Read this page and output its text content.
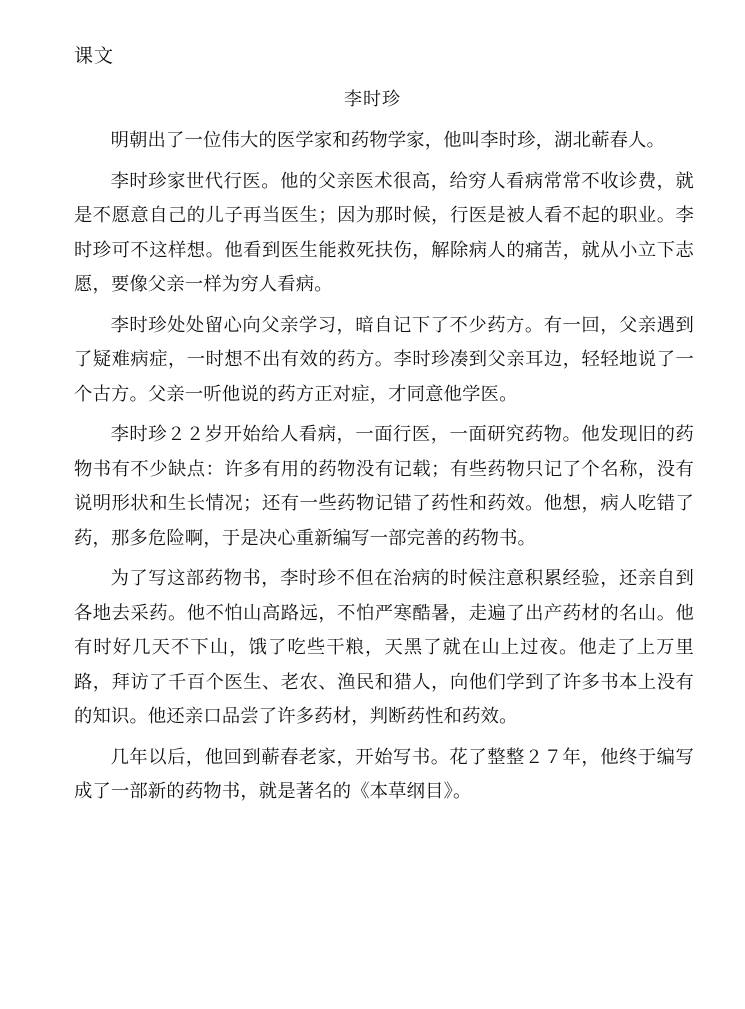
课文
李时珍

明朝出了一位伟大的医学家和药物学家，他叫李时珍，湖北蕲春人。

李时珍家世代行医。他的父亲医术很高，给穷人看病常常不收诊费，就是不愿意自己的儿子再当医生；因为那时候，行医是被人看不起的职业。李时珍可不这样想。他看到医生能救死扶伤，解除病人的痛苦，就从小立下志愿，要像父亲一样为穷人看病。

李时珍处处留心向父亲学习，暗自记下了不少药方。有一回，父亲遇到了疑难病症，一时想不出有效的药方。李时珍凑到父亲耳边，轻轻地说了一个古方。父亲一听他说的药方正对症，才同意他学医。

李时珍２２岁开始给人看病，一面行医，一面研究药物。他发现旧的药物书有不少缺点：许多有用的药物没有记载；有些药物只记了个名称，没有说明形状和生长情况；还有一些药物记错了药性和药效。他想，病人吃错了药，那多危险啊，于是决心重新编写一部完善的药物书。

为了写这部药物书，李时珍不但在治病的时候注意积累经验，还亲自到各地去采药。他不怕山高路远，不怕严寒酷暑，走遍了出产药材的名山。他有时好几天不下山，饿了吃些干粮，天黑了就在山上过夜。他走了上万里路，拜访了千百个医生、老农、渔民和猎人，向他们学到了许多书本上没有的知识。他还亲口品尝了许多药材，判断药性和药效。

几年以后，他回到蕲春老家，开始写书。花了整整２７年，他终于编写成了一部新的药物书，就是著名的《本草纲目》。
